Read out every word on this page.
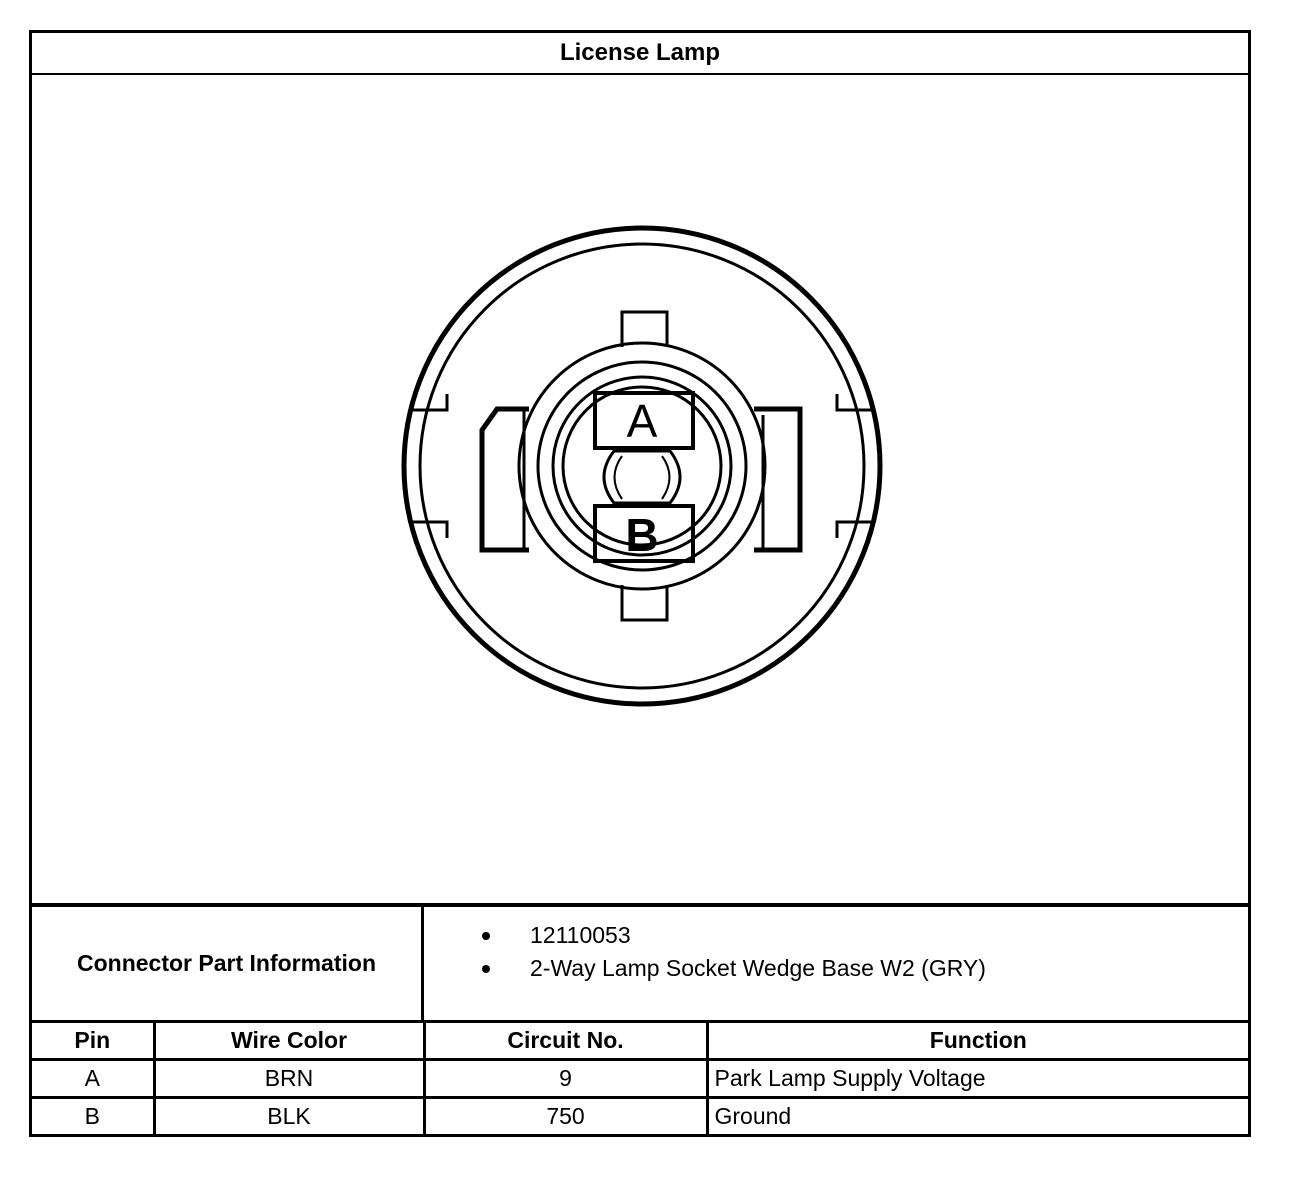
License Lamp
A
B
Connector Part Information
12110053
2-Way Lamp Socket Wedge Base W2 (GRY)
Pin	Wire Color	Circuit No.	Function
A	BRN	9	Park Lamp Supply Voltage
B	BLK	750	Ground
